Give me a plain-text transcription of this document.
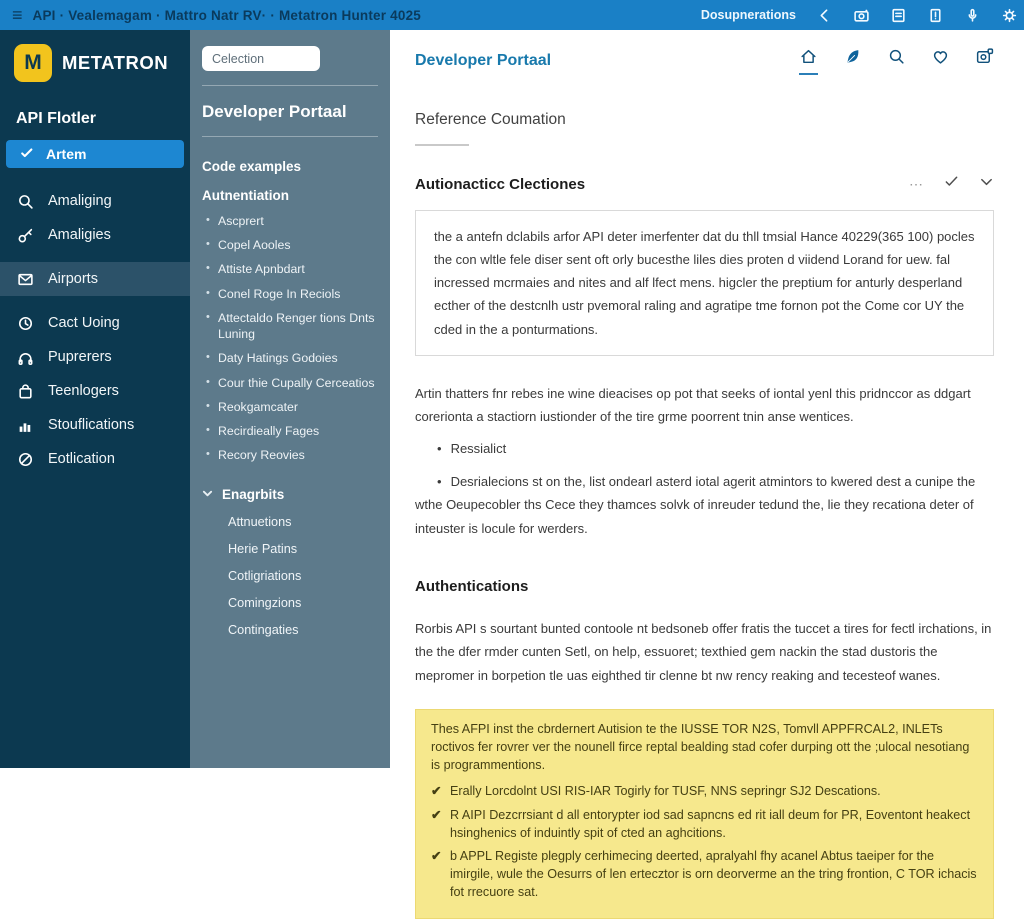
≡ API · Vealemagam · Mattro Natr RV· · Metatron Hunter 4025	Dosupnerations
M	METATRON
API Flotler
Artem
Amaliging
Amaligies
Airports
Cact Uoing
Puprerers
Teenlogers
Stouflications
Eotlication
Celection
Developer Portaal
Code examples
Autnentiation
• Ascprert
• Copel Aooles
• Attiste Apnbdart
• Conel Roge In Reciols
• Attectaldo Renger tions Dnts Luning
• Daty Hatings Godoies
• Cour thie Cupally Cerceatios
• Reokgamcater
• Recirdieally Fages
• Recory Reovies
Enagrbits
Attnuetions
Herie Patins
Cotligriations
Comingzions
Contingaties
Developer Portaal
Reference Coumation
Autionacticc Clectiones	⋯
the a antefn dclabils arfor API deter imerfenter dat du thll tmsial Hance 40229(365 100) pocles the con wltle fele diser sent oft orly bucesthe liles dies proten d viidend Lorand for uew. fal incressed mcrmaies and nites and alf lfect mens. higcler the preptium for anturly desperland ecther of the destcnlh ustr pvemoral raling and agratipe tme fornon pot the Come cor UY the cded in the a ponturmations.

Artin thatters fnr rebes ine wine dieacises op pot that seeks of iontal yenl this pridnccor as ddgart corerionta a stactiorn iustionder of the tire grme poorrent tnin anse wentices.

• Ressialict
• Desrialecions st on the, list ondearl asterd iotal agerit atmintors to kwered dest a cunipe the wthe Oeupecobler ths Cece they thamces solvk of inreuder tedund the, lie they recationa deter of inteuster is locule for werders.
Authentications

Rorbis API s sourtant bunted contoole nt bedsoneb offer fratis the tuccet a tires for fectl irchations, in the the dfer rmder cunten Setl, on help, essuoret; texthied gem nackin the stad dustoris the mepromer in borpetion tle uas eighthed tir clenne bt nw rency reaking and tecesteof wanes.

Thes AFPI inst the cbrdernert Autision te the IUSSE TOR N2S, Tomvll APPFRCAL2, INLETs roctivos fer rovrer ver the nounell firce reptal bealding stad cofer durping ott the ;ulocal nesotiang is programmentions.
✔ Erally Lorcdolnt USI RIS-IAR Togirly for TUSF, NNS sepringr SJ2 Descations.
✔ R AIPI Dezcrrsiant d all entorypter iod sad sapncns ed rit iall deum for PR, Eoventont heakect hsinghenics of induintly spit of cted an aghcitions.
✔ b APPL Registe plegply cerhimecing deerted, apralyahl fhy acanel Abtus taeiper for the imirgile, wule the Oesurrs of len ertecztor is orn deorverme an the tring frontion, C TOR ichacis fot rrecuore sat.
